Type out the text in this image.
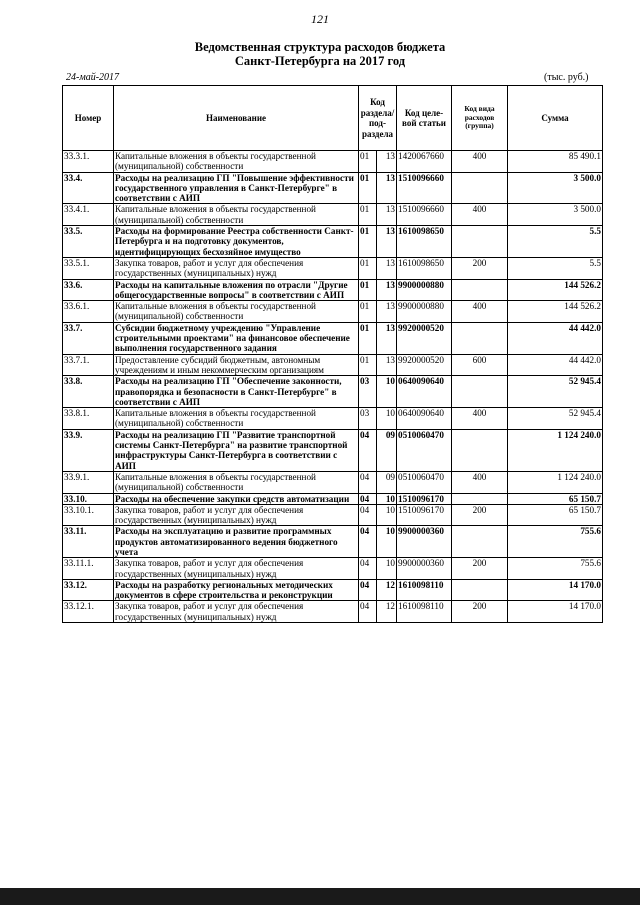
121
Ведомственная структура расходов бюджета
Санкт-Петербурга на 2017 год
24-май-2017	(тыс. руб.)
Номер	Наименование	Код раздела/ под-раздела		Код целе-вой статьи	Код вида расходов (группа)	Сумма
33.3.1.	Капитальные вложения в объекты государственной (муниципальной) собственности	01	13	1420067660	400	85 490.1
33.4.	Расходы на реализацию ГП "Повышение эффективности государственного управления в Санкт-Петербурге" в соответствии с АИП	01	13	1510096660		3 500.0
33.4.1.	Капитальные вложения в объекты государственной (муниципальной) собственности	01	13	1510096660	400	3 500.0
33.5.	Расходы на формирование Реестра собственности Санкт-Петербурга и на подготовку документов, идентифицирующих бесхозяйное имущество	01	13	1610098650		5.5
33.5.1.	Закупка товаров, работ и услуг для обеспечения государственных (муниципальных) нужд	01	13	1610098650	200	5.5
33.6.	Расходы на капитальные вложения по отрасли "Другие общегосударственные вопросы" в соответствии с АИП	01	13	9900000880		144 526.2
33.6.1.	Капитальные вложения в объекты государственной (муниципальной) собственности	01	13	9900000880	400	144 526.2
33.7.	Субсидии бюджетному учреждению "Управление строительными проектами" на финансовое обеспечение выполнения государственного задания	01	13	9920000520		44 442.0
33.7.1.	Предоставление субсидий бюджетным, автономным учреждениям и иным некоммерческим организациям	01	13	9920000520	600	44 442.0
33.8.	Расходы на реализацию ГП "Обеспечение законности, правопорядка и безопасности в Санкт-Петербурге" в соответствии с АИП	03	10	0640090640		52 945.4
33.8.1.	Капитальные вложения в объекты государственной (муниципальной) собственности	03	10	0640090640	400	52 945.4
33.9.	Расходы на реализацию ГП "Развитие транспортной системы Санкт-Петербурга" на развитие транспортной инфраструктуры Санкт-Петербурга в соответствии с АИП	04	09	0510060470		1 124 240.0
33.9.1.	Капитальные вложения в объекты государственной (муниципальной) собственности	04	09	0510060470	400	1 124 240.0
33.10.	Расходы на обеспечение закупки средств автоматизации	04	10	1510096170		65 150.7
33.10.1.	Закупка товаров, работ и услуг для обеспечения государственных (муниципальных) нужд	04	10	1510096170	200	65 150.7
33.11.	Расходы на эксплуатацию и развитие программных продуктов автоматизированного ведения бюджетного учета	04	10	9900000360		755.6
33.11.1.	Закупка товаров, работ и услуг для обеспечения государственных (муниципальных) нужд	04	10	9900000360	200	755.6
33.12.	Расходы на разработку региональных методических документов в сфере строительства и реконструкции	04	12	1610098110		14 170.0
33.12.1.	Закупка товаров, работ и услуг для обеспечения государственных (муниципальных) нужд	04	12	1610098110	200	14 170.0
